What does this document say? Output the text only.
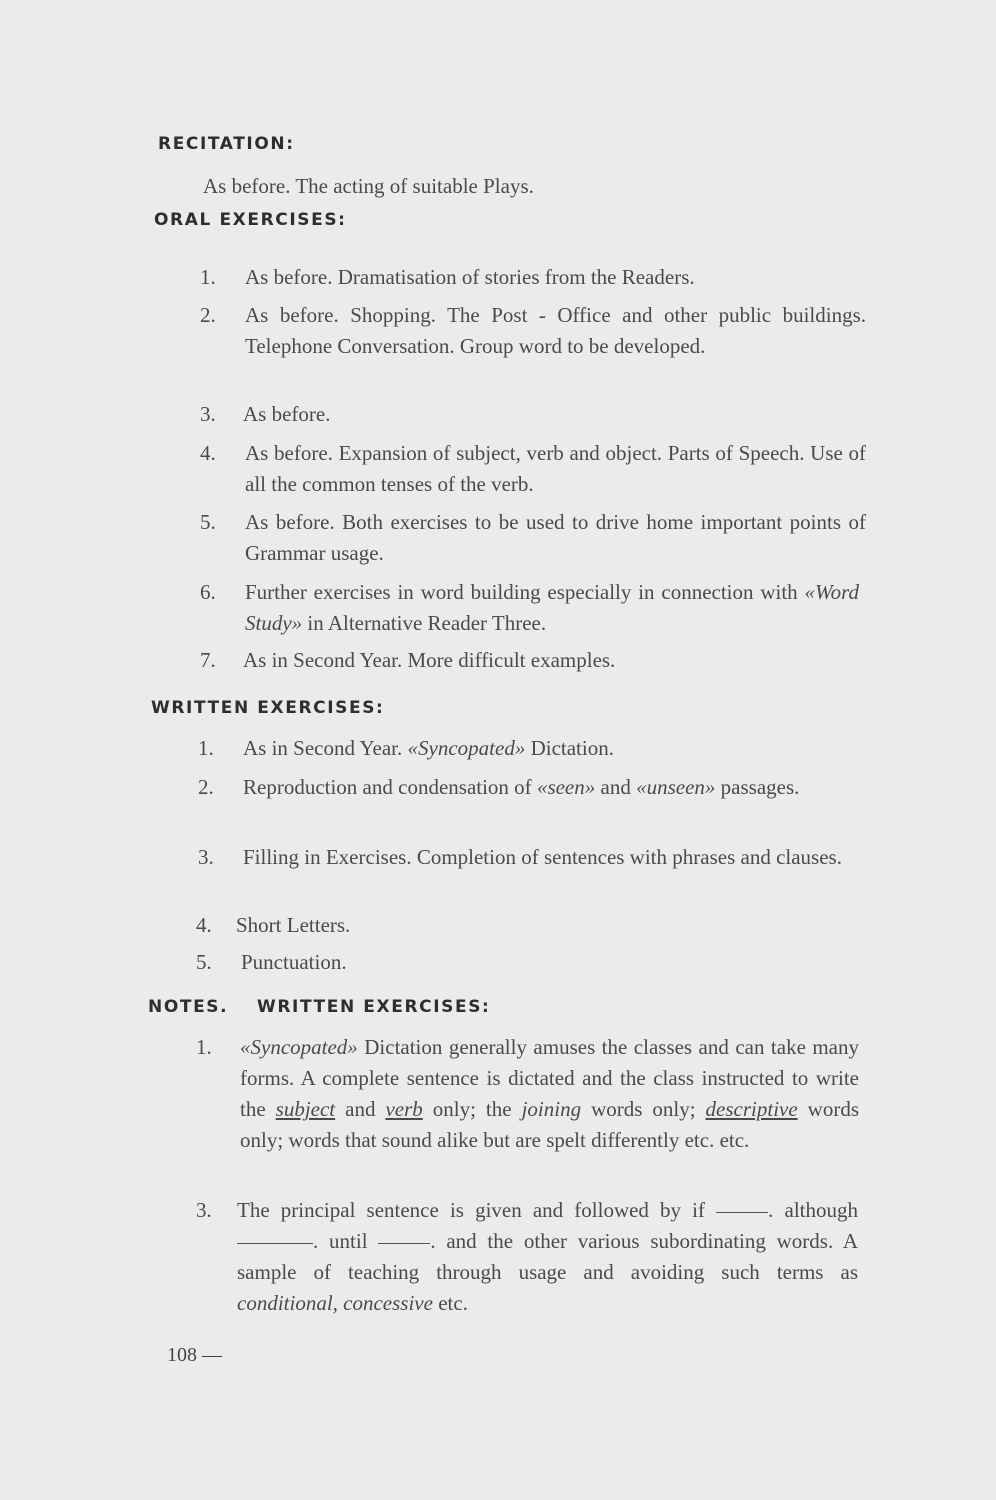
RECITATION:
As before. The acting of suitable Plays.
ORAL EXERCISES:
1.	As before. Dramatisation of stories from the Readers.
2.	As before. Shopping. The Post - Office and other public buildings. Telephone Conversation. Group word to be developed.
3.	As before.
4.	As before. Expansion of subject, verb and object. Parts of Speech. Use of all the common tenses of the verb.
5.	As before. Both exercises to be used to drive home important points of Grammar usage.
6.	Further exercises in word building especially in connection with «Word Study» in Alternative Reader Three.
7.	As in Second Year. More difficult examples.
WRITTEN EXERCISES:
1.	As in Second Year. «Syncopated» Dictation.
2.	Reproduction and condensation of «seen» and «unseen» passages.
3.	Filling in Exercises. Completion of sentences with phrases and clauses.
4.	Short Letters.
5.	Punctuation.
NOTES. WRITTEN EXERCISES:
1.	«Syncopated» Dictation generally amuses the classes and can take many forms. A complete sentence is dictated and the class instructed to write the subject and verb only; the joining words only; descriptive words only; words that sound alike but are spelt differently etc. etc.
3.	The principal sentence is given and followed by if	. although . until	. and the other various subordinating words. A sample of teaching through usage and avoiding such terms as conditional, concessive etc.
108 —
